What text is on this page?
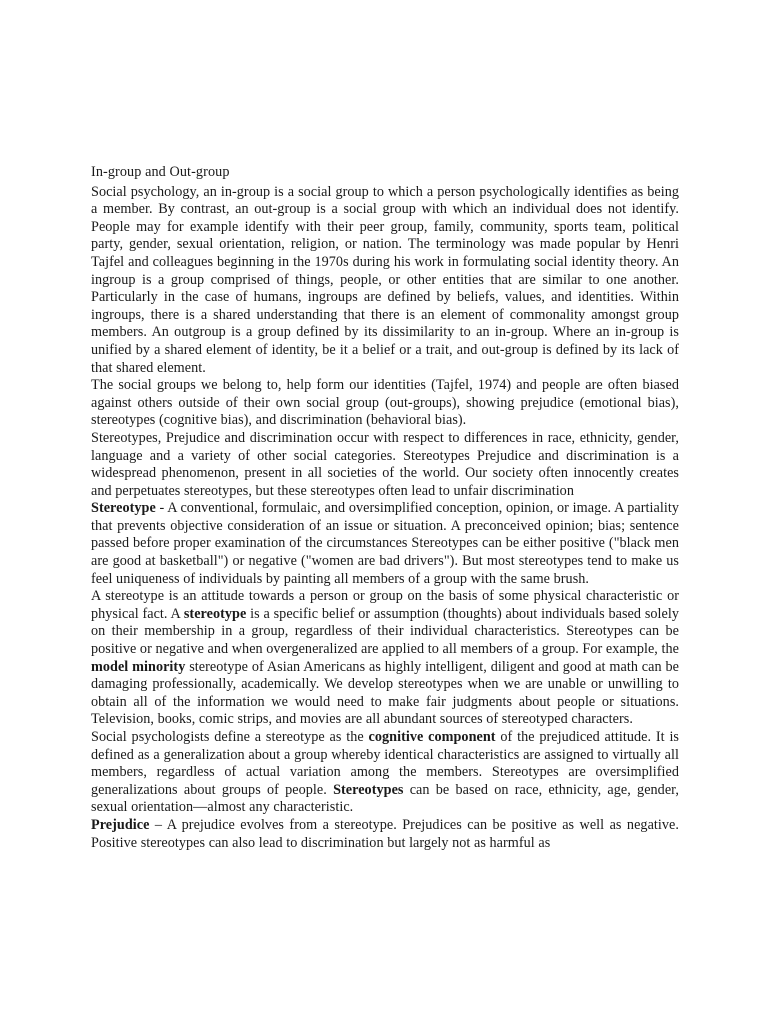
In-group and Out-group

Social psychology, an in-group is a social group to which a person psychologically identifies as being a member. By contrast, an out-group is a social group with which an individual does not identify. People may for example identify with their peer group, family, community, sports team, political party, gender, sexual orientation, religion, or nation. The terminology was made popular by Henri Tajfel and colleagues beginning in the 1970s during his work in formulating social identity theory. An ingroup is a group comprised of things, people, or other entities that are similar to one another. Particularly in the case of humans, ingroups are defined by beliefs, values, and identities. Within ingroups, there is a shared understanding that there is an element of commonality amongst group members. An outgroup is a group defined by its dissimilarity to an in-group. Where an in-group is unified by a shared element of identity, be it a belief or a trait, and out-group is defined by its lack of that shared element.

The social groups we belong to, help form our identities (Tajfel, 1974) and people are often biased against others outside of their own social group (out-groups), showing prejudice (emotional bias), stereotypes (cognitive bias), and discrimination (behavioral bias).

Stereotypes, Prejudice and discrimination occur with respect to differences in race, ethnicity, gender, language and a variety of other social categories. Stereotypes Prejudice and discrimination is a widespread phenomenon, present in all societies of the world. Our society often innocently creates and perpetuates stereotypes, but these stereotypes often lead to unfair discrimination

Stereotype - A conventional, formulaic, and oversimplified conception, opinion, or image. A partiality that prevents objective consideration of an issue or situation. A preconceived opinion; bias; sentence passed before proper examination of the circumstances Stereotypes can be either positive ("black men are good at basketball") or negative ("women are bad drivers"). But most stereotypes tend to make us feel uniqueness of individuals by painting all members of a group with the same brush.

A stereotype is an attitude towards a person or group on the basis of some physical characteristic or physical fact. A stereotype is a specific belief or assumption (thoughts) about individuals based solely on their membership in a group, regardless of their individual characteristics. Stereotypes can be positive or negative and when overgeneralized are applied to all members of a group. For example, the model minority stereotype of Asian Americans as highly intelligent, diligent and good at math can be damaging professionally, academically. We develop stereotypes when we are unable or unwilling to obtain all of the information we would need to make fair judgments about people or situations. Television, books, comic strips, and movies are all abundant sources of stereotyped characters.

Social psychologists define a stereotype as the cognitive component of the prejudiced attitude. It is defined as a generalization about a group whereby identical characteristics are assigned to virtually all members, regardless of actual variation among the members. Stereotypes are oversimplified generalizations about groups of people. Stereotypes can be based on race, ethnicity, age, gender, sexual orientation—almost any characteristic.

Prejudice – A prejudice evolves from a stereotype. Prejudices can be positive as well as negative. Positive stereotypes can also lead to discrimination but largely not as harmful as
